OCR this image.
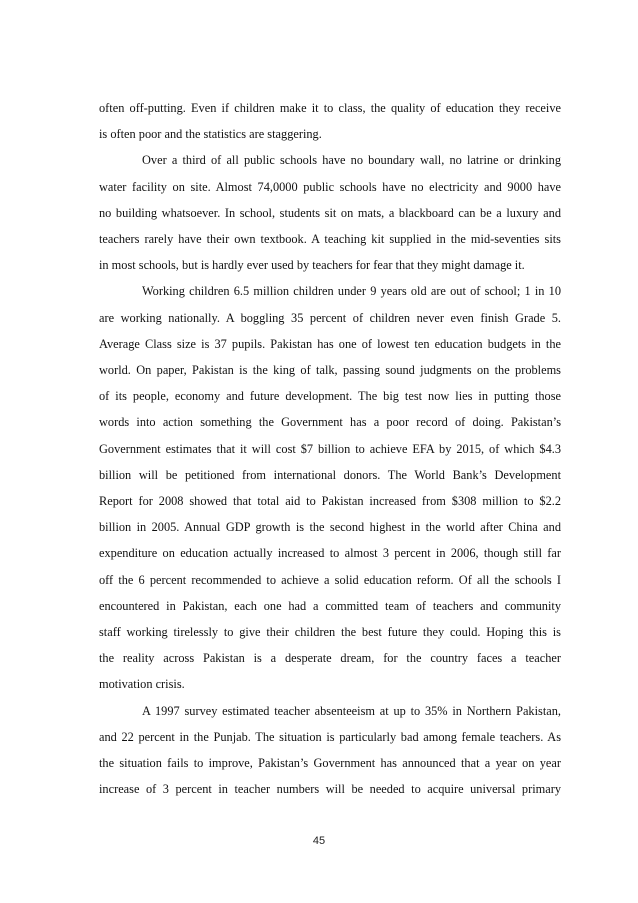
often off-putting. Even if children make it to class, the quality of education they receive
is often poor and the statistics are staggering.
Over a third of all public schools have no boundary wall, no latrine or drinking
water facility on site. Almost 74,0000 public schools have no electricity and 9000 have
no building whatsoever. In school, students sit on mats, a blackboard can be a luxury and
teachers rarely have their own textbook. A teaching kit supplied in the mid-seventies sits
in most schools, but is hardly ever used by teachers for fear that they might damage it.
Working children 6.5 million children under 9 years old are out of school; 1 in 10
are working nationally. A boggling 35 percent of children never even finish Grade 5.
Average Class size is 37 pupils. Pakistan has one of lowest ten education budgets in the
world. On paper, Pakistan is the king of talk, passing sound judgments on the problems
of its people, economy and future development. The big test now lies in putting those
words into action something the Government has a poor record of doing. Pakistan’s
Government estimates that it will cost $7 billion to achieve EFA by 2015, of which $4.3
billion will be petitioned from international donors. The World Bank’s Development
Report for 2008 showed that total aid to Pakistan increased from $308 million to $2.2
billion in 2005. Annual GDP growth is the second highest in the world after China and
expenditure on education actually increased to almost 3 percent in 2006, though still far
off the 6 percent recommended to achieve a solid education reform. Of all the schools I
encountered in Pakistan, each one had a committed team of teachers and community
staff working tirelessly to give their children the best future they could. Hoping this is
the reality across Pakistan is a desperate dream, for the country faces a teacher
motivation crisis.
A 1997 survey estimated teacher absenteeism at up to 35% in Northern Pakistan,
and 22 percent in the Punjab. The situation is particularly bad among female teachers. As
the situation fails to improve, Pakistan’s Government has announced that a year on year
increase of 3 percent in teacher numbers will be needed to acquire universal primary
45
